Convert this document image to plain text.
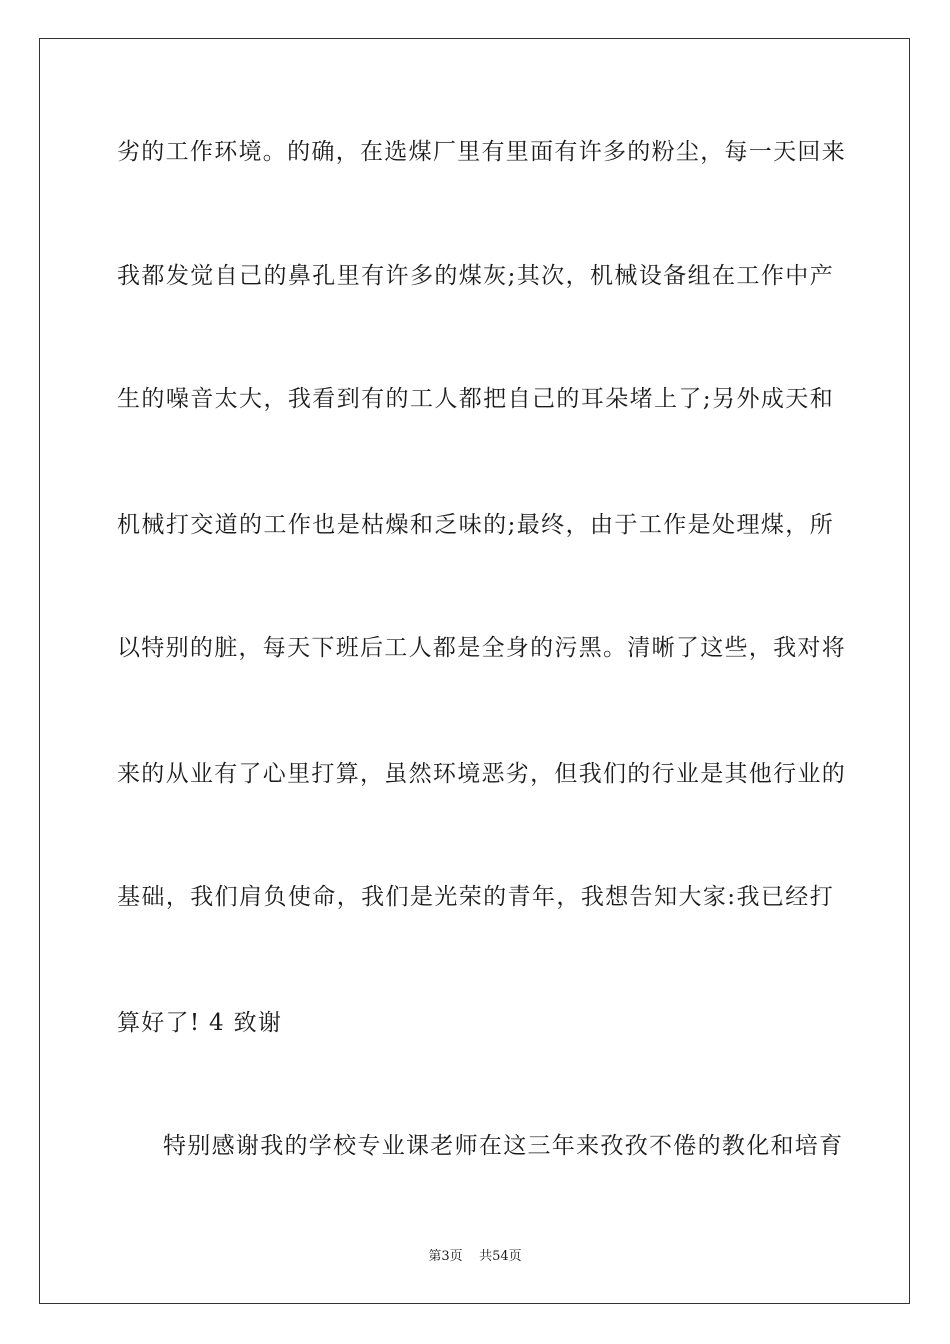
劣的工作环境。的确，在选煤厂里有里面有许多的粉尘，每一天回来
我都发觉自己的鼻孔里有许多的煤灰;其次，机械设备组在工作中产
生的噪音太大，我看到有的工人都把自己的耳朵堵上了;另外成天和
机械打交道的工作也是枯燥和乏味的;最终，由于工作是处理煤，所
以特别的脏，每天下班后工人都是全身的污黑。清晰了这些，我对将
来的从业有了心里打算，虽然环境恶劣，但我们的行业是其他行业的
基础，我们肩负使命，我们是光荣的青年，我想告知大家:我已经打
算好了! 4 致谢
特别感谢我的学校专业课老师在这三年来孜孜不倦的教化和培育
第3页    共54页
